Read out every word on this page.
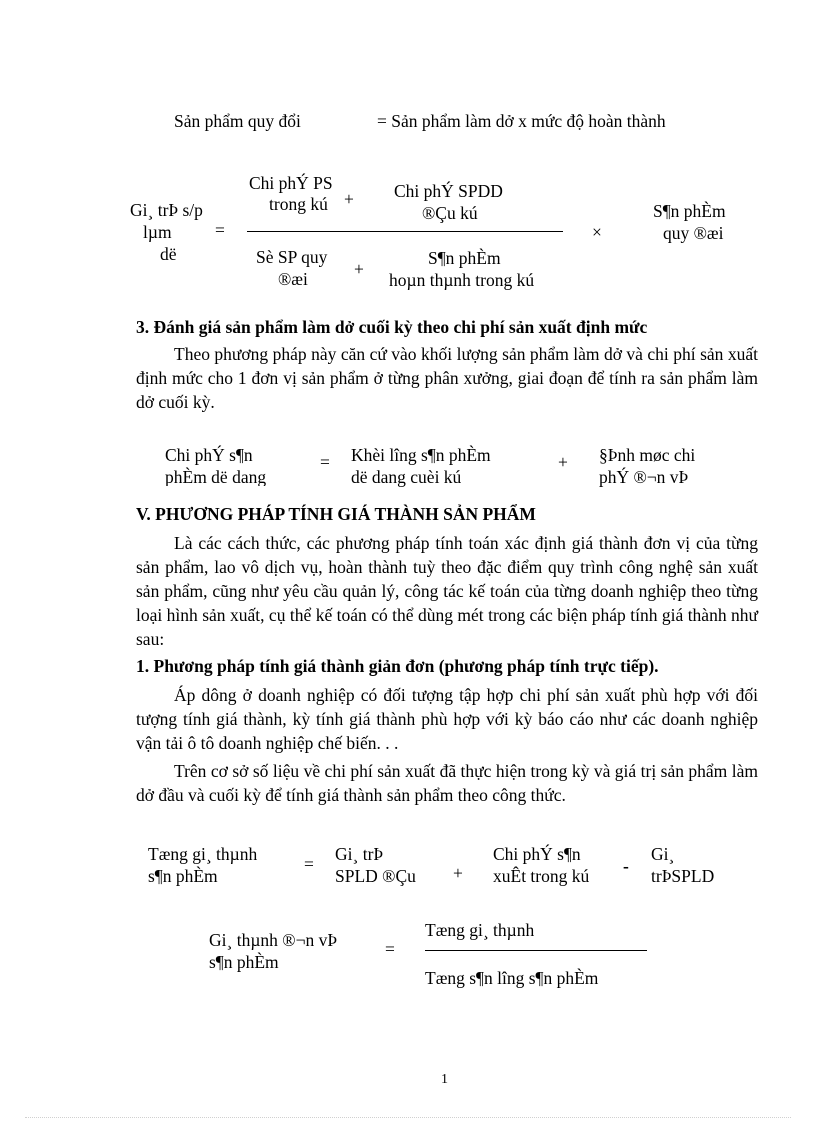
Sản phẩm quy đổi	= Sản phẩm làm dở x mức độ hoàn thành
Gi¸ trÞ s/p
lµm
dë
=
Chi phÝ PS
trong kú + Chi phÝ SPDD
®Çu kú
Sè SP quy
®æi	+
S¶n phÈm
hoµn thµnh trong kú
×
S¶n phÈm
quy ®æi
3. Đánh giá sản phẩm làm dở cuối kỳ theo chi phí sản xuất định mức
Theo phương pháp này căn cứ vào khối lượng sản phẩm làm dở và chi phí sản xuất định mức cho 1 đơn vị sản phẩm ở từng phân xưởng, giai đoạn để tính ra sản phẩm làm dở cuối kỳ.
Chi phÝ s¶n
phÈm dë dang
= Khèi lîng s¶n phÈm
dë dang cuèi kú
+ §Þnh møc chi
phÝ ®¬n vÞ
V. PHƯƠNG PHÁP TÍNH GIÁ THÀNH SẢN PHẨM
Là các cách thức, các phương pháp tính toán xác định giá thành đơn vị của từng sản phẩm, lao vô dịch vụ, hoàn thành tuỳ theo đặc điểm quy trình công nghệ sản xuất sản phẩm, cũng như yêu cầu quản lý, công tác kế toán của từng doanh nghiệp theo từng loại hình sản xuất, cụ thể kế toán có thể dùng mét trong các biện pháp tính giá thành như sau:
1. Phương pháp tính giá thành giản đơn (phương pháp tính trực tiếp).
Áp dông ở doanh nghiệp có đối tượng tập hợp chi phí sản xuất phù hợp với đối tượng tính giá thành, kỳ tính giá thành phù hợp với kỳ báo cáo như các doanh nghiệp vận tải ô tô doanh nghiệp chế biến. . .
Trên cơ sở số liệu về chi phí sản xuất đã thực hiện trong kỳ và giá trị sản phẩm làm dở đầu và cuối kỳ để tính giá thành sản phẩm theo công thức.
Tæng gi¸ thµnh
s¶n phÈm
= Gi¸ trÞ
SPLD ®Çu +
Chi phÝ s¶n
xuÊt trong kú -
Gi¸
trÞSPLD
Gi¸ thµnh ®¬n vÞ
s¶n phÈm
=
Tæng gi¸ thµnh
Tæng s¶n lîng s¶n phÈm
1
